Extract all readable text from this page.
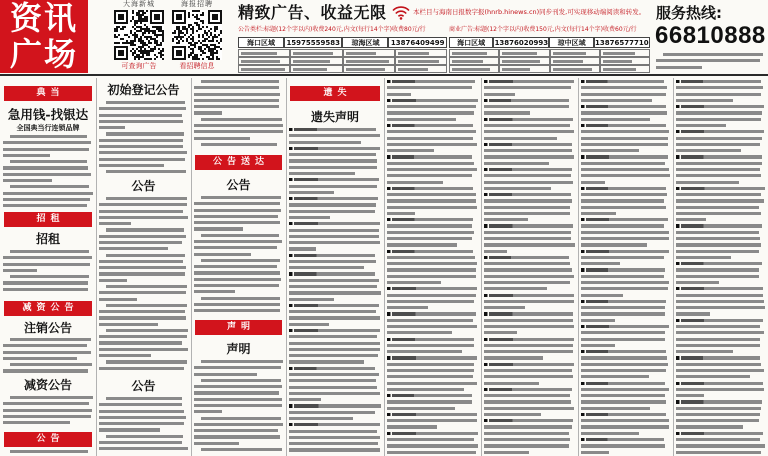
资讯
广场
大海新城
可查询广告
海报招聘
看招聘信息
精致广告、收益无限	本栏目与海南日报数字报(hnrb.hinews.cn)同步刊发,可实现移动端阅读和转发。
公告类栏:标题(12个字以内)收费240元,内文(每行14个字)收费80元/行	商业广告:标题(12个字以内)收费150元,内文(每行14个字)收费60元/行
海口区域	15975559583	琼海区域	13876409499	海口区域	13876020993	琼中区域	13876577710
服务热线:
66810888
典当
急用钱-找银达
全国典当行连锁品牌
招租
招租
减资公告
注销公告
减资公告
公告
初始登记公告
公告
公告
公告送达
公告
声明
声明
遗失
遗失声明
